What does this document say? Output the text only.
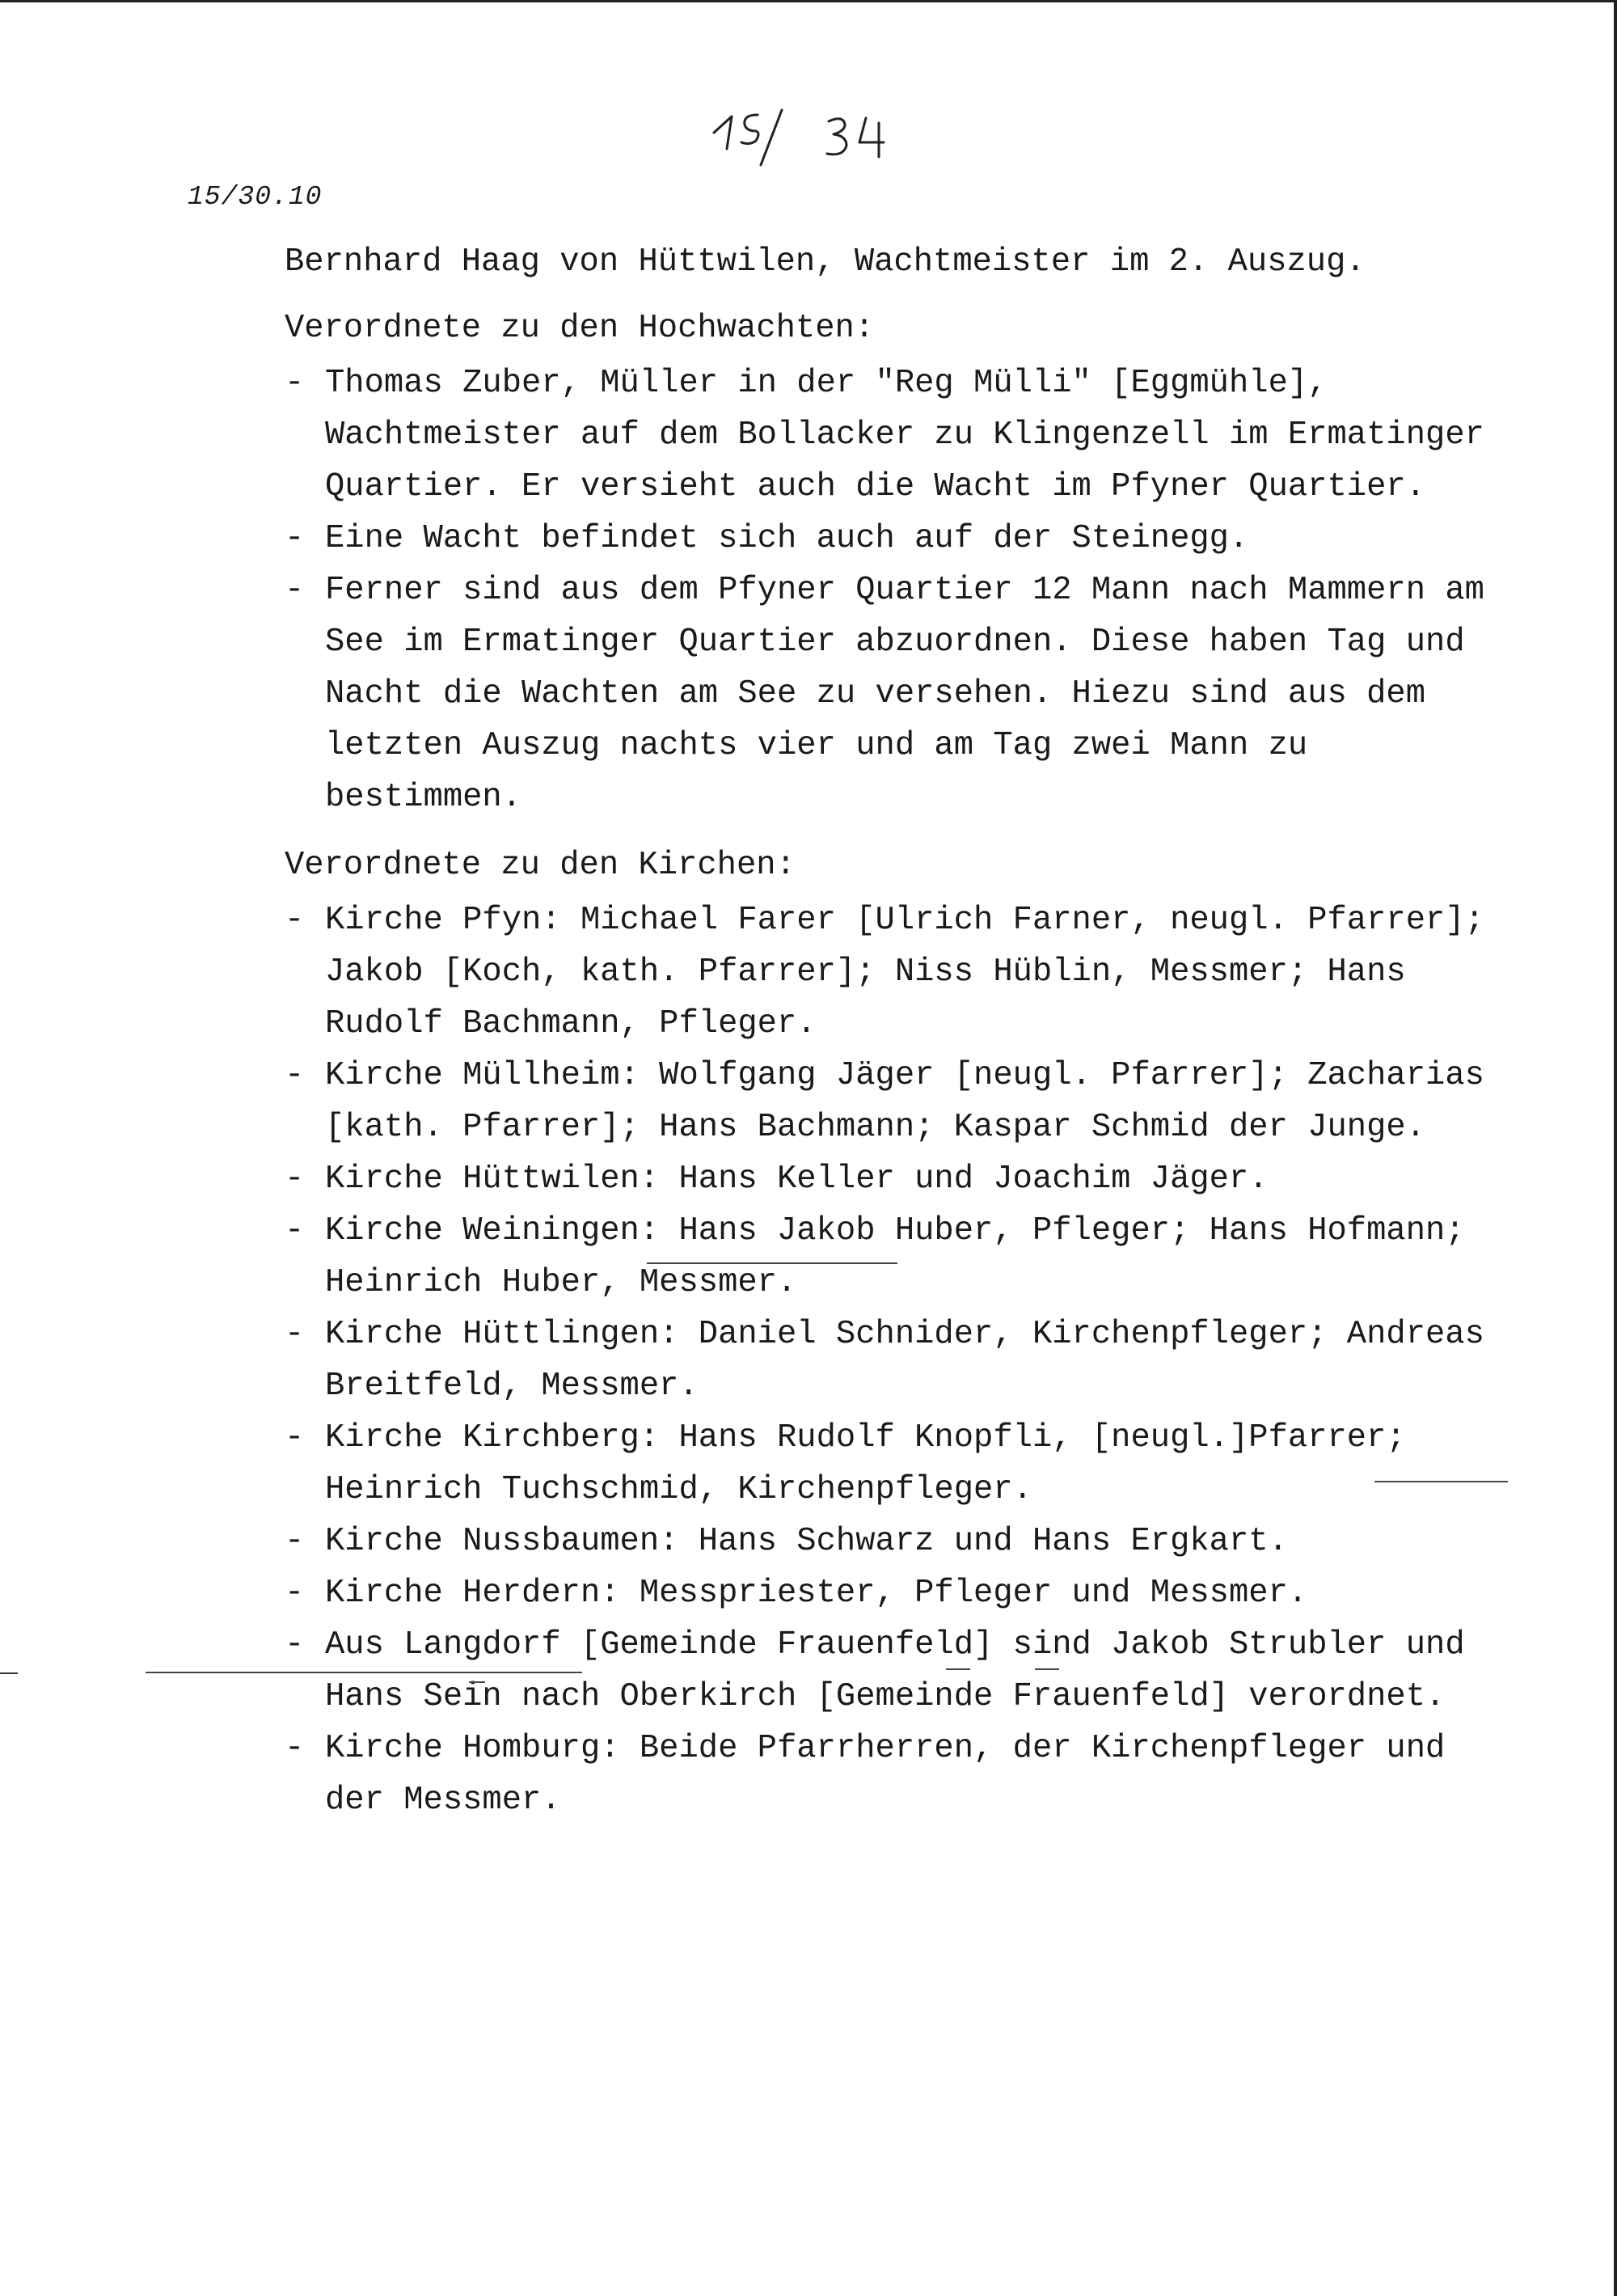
15/30.10

Bernhard Haag von Hüttwilen, Wachtmeister im 2. Auszug.

Verordnete zu den Hochwachten:

- Thomas Zuber, Müller in der "Reg Mülli" [Eggmühle], Wachtmeister auf dem Bollacker zu Klingenzell im Ermatinger Quartier. Er versieht auch die Wacht im Pfyner Quartier.
- Eine Wacht befindet sich auch auf der Steinegg.
- Ferner sind aus dem Pfyner Quartier 12 Mann nach Mammern am See im Ermatinger Quartier abzuordnen. Diese haben Tag und Nacht die Wachten am See zu versehen. Hiezu sind aus dem letzten Auszug nachts vier und am Tag zwei Mann zu bestimmen.

Verordnete zu den Kirchen:

- Kirche Pfyn: Michael Farer [Ulrich Farner, neugl. Pfarrer]; Jakob [Koch, kath. Pfarrer]; Niss Hüblin, Messmer; Hans Rudolf Bachmann, Pfleger.
- Kirche Müllheim: Wolfgang Jäger [neugl. Pfarrer]; Zacharias [kath. Pfarrer]; Hans Bachmann; Kaspar Schmid der Junge.
- Kirche Hüttwilen: Hans Keller und Joachim Jäger.
- Kirche Weiningen: Hans Jakob Huber, Pfleger; Hans Hofmann; Heinrich Huber, Messmer.
- Kirche Hüttlingen: Daniel Schnider, Kirchenpfleger; Andreas Breitfeld, Messmer.
- Kirche Kirchberg: Hans Rudolf Knopfli, [neugl.]Pfarrer; Heinrich Tuchschmid, Kirchenpfleger.
- Kirche Nussbaumen: Hans Schwarz und Hans Ergkart.
- Kirche Herdern: Messpriester, Pfleger und Messmer.
- Aus Langdorf [Gemeinde Frauenfeld] sind Jakob Strubler und Hans Sein nach Oberkirch [Gemeinde Frauenfeld] verordnet.
- Kirche Homburg: Beide Pfarrherren, der Kirchenpfleger und der Messmer.
